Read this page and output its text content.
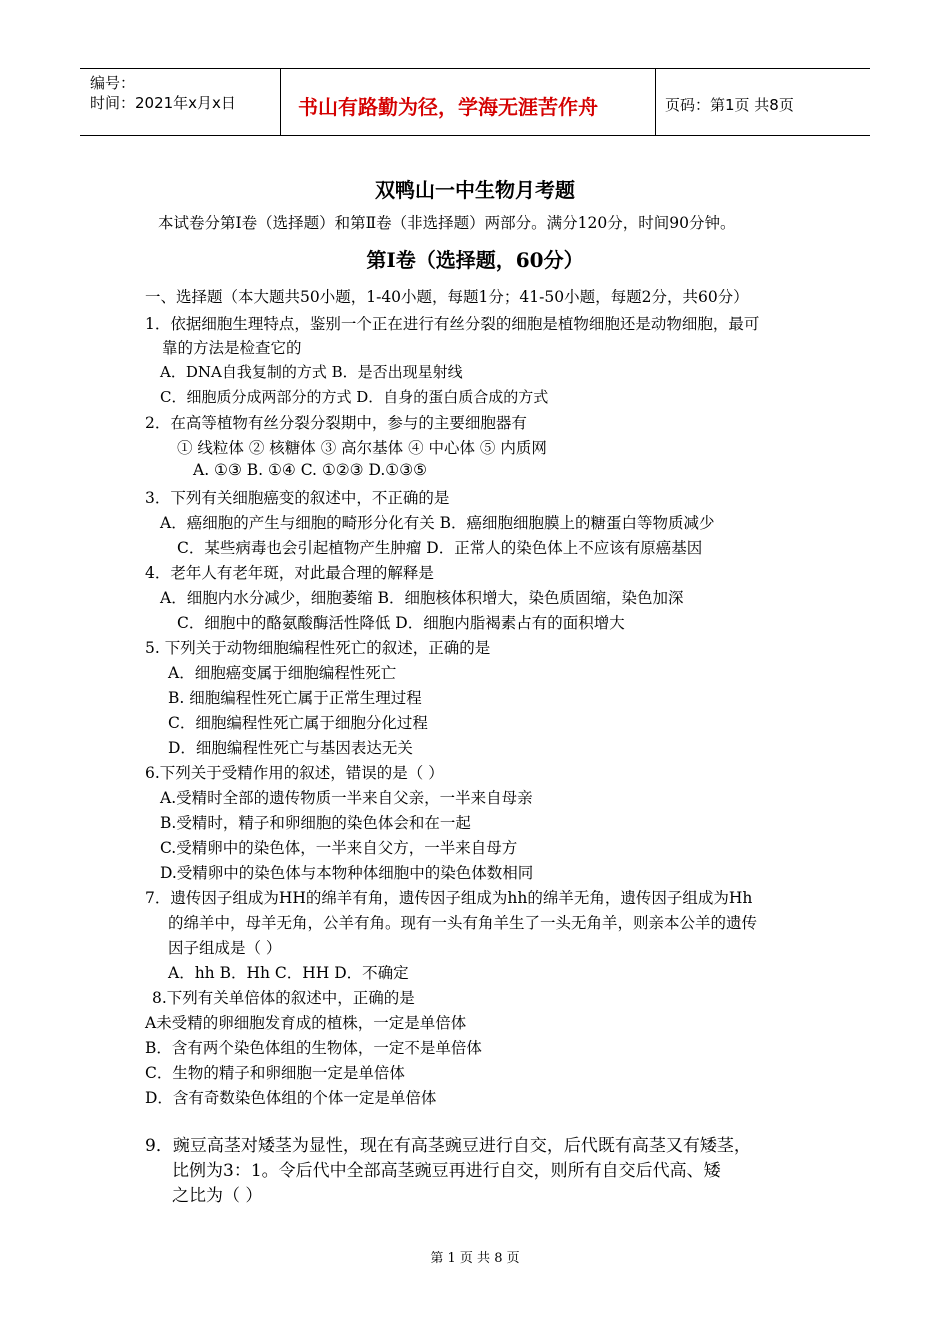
编号：
时间：2021年x月x日	书山有路勤为径，学海无涯苦作舟	页码：第1页 共8页
双鸭山一中生物月考题
本试卷分第Ⅰ卷（选择题）和第Ⅱ卷（非选择题）两部分。满分120分，时间90分钟。
第Ⅰ卷（选择题，60分）
一、选择题（本大题共50小题，1-40小题，每题1分；41-50小题，每题2分，共60分）
1．依据细胞生理特点，鉴别一个正在进行有丝分裂的细胞是植物细胞还是动物细胞，最可
靠的方法是检查它的
A．DNA自我复制的方式 B．是否出现星射线
C．细胞质分成两部分的方式 D．自身的蛋白质合成的方式
2．在高等植物有丝分裂分裂期中，参与的主要细胞器有
① 线粒体 ② 核糖体 ③ 高尔基体 ④ 中心体 ⑤ 内质网
A. ①③ B. ①④ C. ①②③ D.①③⑤
3．下列有关细胞癌变的叙述中，不正确的是
A．癌细胞的产生与细胞的畸形分化有关 B．癌细胞细胞膜上的糖蛋白等物质减少
C．某些病毒也会引起植物产生肿瘤 D．正常人的染色体上不应该有原癌基因
4．老年人有老年斑，对此最合理的解释是
A．细胞内水分减少，细胞萎缩 B．细胞核体积增大，染色质固缩，染色加深
C．细胞中的酪氨酸酶活性降低 D．细胞内脂褐素占有的面积增大
5. 下列关于动物细胞编程性死亡的叙述，正确的是
A．细胞癌变属于细胞编程性死亡
B. 细胞编程性死亡属于正常生理过程
C．细胞编程性死亡属于细胞分化过程
D．细胞编程性死亡与基因表达无关
6.下列关于受精作用的叙述，错误的是（ ）
A.受精时全部的遗传物质一半来自父亲，一半来自母亲
B.受精时，精子和卵细胞的染色体会和在一起
C.受精卵中的染色体，一半来自父方，一半来自母方
D.受精卵中的染色体与本物种体细胞中的染色体数相同
7．遗传因子组成为HH的绵羊有角，遗传因子组成为hh的绵羊无角，遗传因子组成为Hh
的绵羊中，母羊无角，公羊有角。现有一头有角羊生了一头无角羊，则亲本公羊的遗传
因子组成是（ ）
A．hh B．Hh C．HH D．不确定
8.下列有关单倍体的叙述中，正确的是
A未受精的卵细胞发育成的植株，一定是单倍体
B．含有两个染色体组的生物体，一定不是单倍体
C．生物的精子和卵细胞一定是单倍体
D．含有奇数染色体组的个体一定是单倍体
9．豌豆高茎对矮茎为显性，现在有高茎豌豆进行自交，后代既有高茎又有矮茎，
比例为3：1。令后代中全部高茎豌豆再进行自交，则所有自交后代高、矮
之比为（ ）
第 1 页 共 8 页
